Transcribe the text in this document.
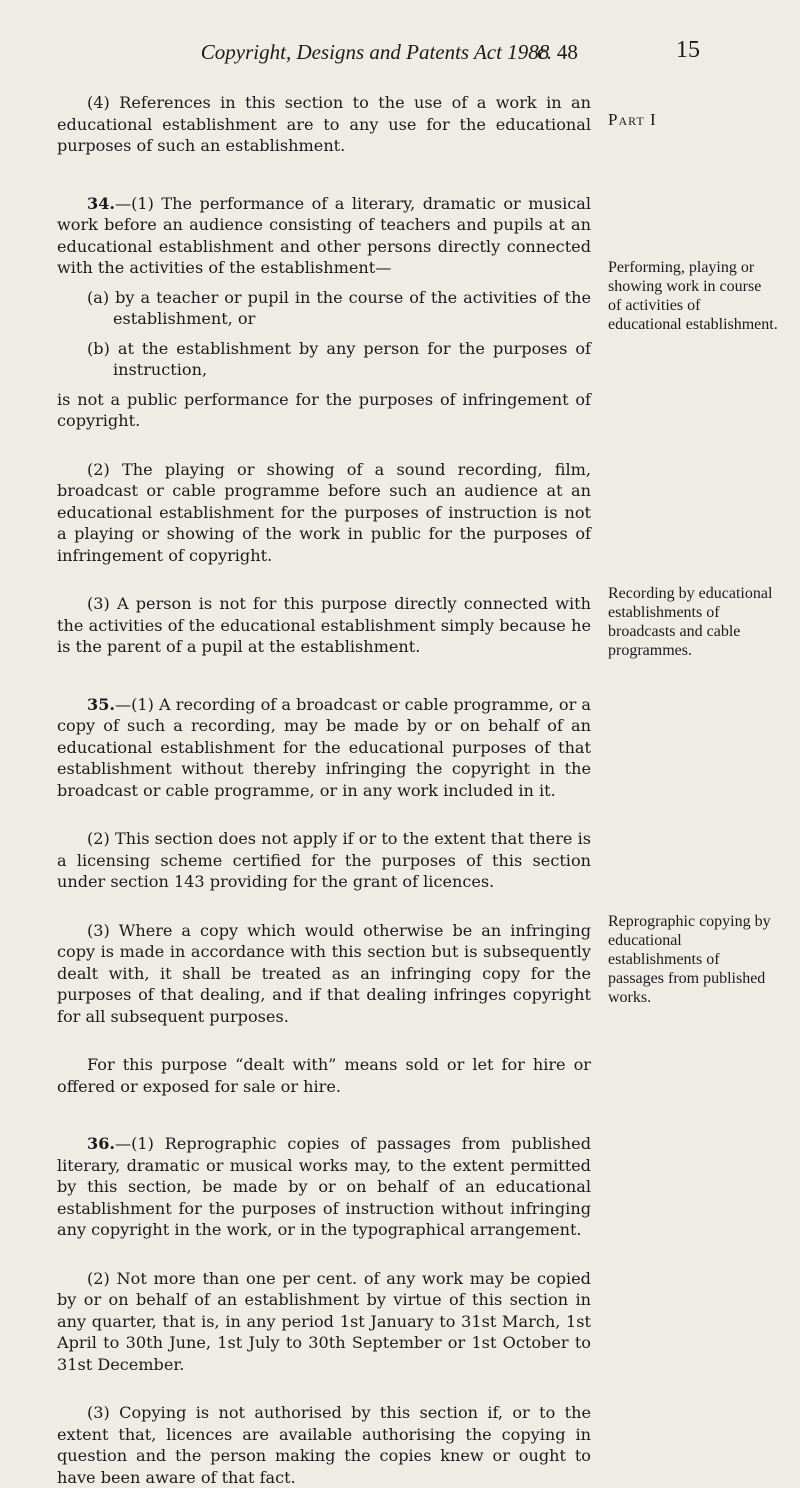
Copyright, Designs and Patents Act 1988
c. 48	15
Part I
Performing, playing or showing work in course of activities of educational establishment.
Recording by educational establishments of broadcasts and cable programmes.
Reprographic copying by educational establishments of passages from published works.

(4) References in this section to the use of a work in an educational establishment are to any use for the educational purposes of such an establishment.

34.—(1) The performance of a literary, dramatic or musical work before an audience consisting of teachers and pupils at an educational establishment and other persons directly connected with the activities of the establishment—

(a) by a teacher or pupil in the course of the activities of the establishment, or

(b) at the establishment by any person for the purposes of instruction,

is not a public performance for the purposes of infringement of copyright.

(2) The playing or showing of a sound recording, film, broadcast or cable programme before such an audience at an educational establishment for the purposes of instruction is not a playing or showing of the work in public for the purposes of infringement of copyright.

(3) A person is not for this purpose directly connected with the activities of the educational establishment simply because he is the parent of a pupil at the establishment.

35.—(1) A recording of a broadcast or cable programme, or a copy of such a recording, may be made by or on behalf of an educational establishment for the educational purposes of that establishment without thereby infringing the copyright in the broadcast or cable programme, or in any work included in it.

(2) This section does not apply if or to the extent that there is a licensing scheme certified for the purposes of this section under section 143 providing for the grant of licences.

(3) Where a copy which would otherwise be an infringing copy is made in accordance with this section but is subsequently dealt with, it shall be treated as an infringing copy for the purposes of that dealing, and if that dealing infringes copyright for all subsequent purposes.

For this purpose “dealt with” means sold or let for hire or offered or exposed for sale or hire.

36.—(1) Reprographic copies of passages from published literary, dramatic or musical works may, to the extent permitted by this section, be made by or on behalf of an educational establishment for the purposes of instruction without infringing any copyright in the work, or in the typographical arrangement.

(2) Not more than one per cent. of any work may be copied by or on behalf of an establishment by virtue of this section in any quarter, that is, in any period 1st January to 31st March, 1st April to 30th June, 1st July to 30th September or 1st October to 31st December.

(3) Copying is not authorised by this section if, or to the extent that, licences are available authorising the copying in question and the person making the copies knew or ought to have been aware of that fact.
